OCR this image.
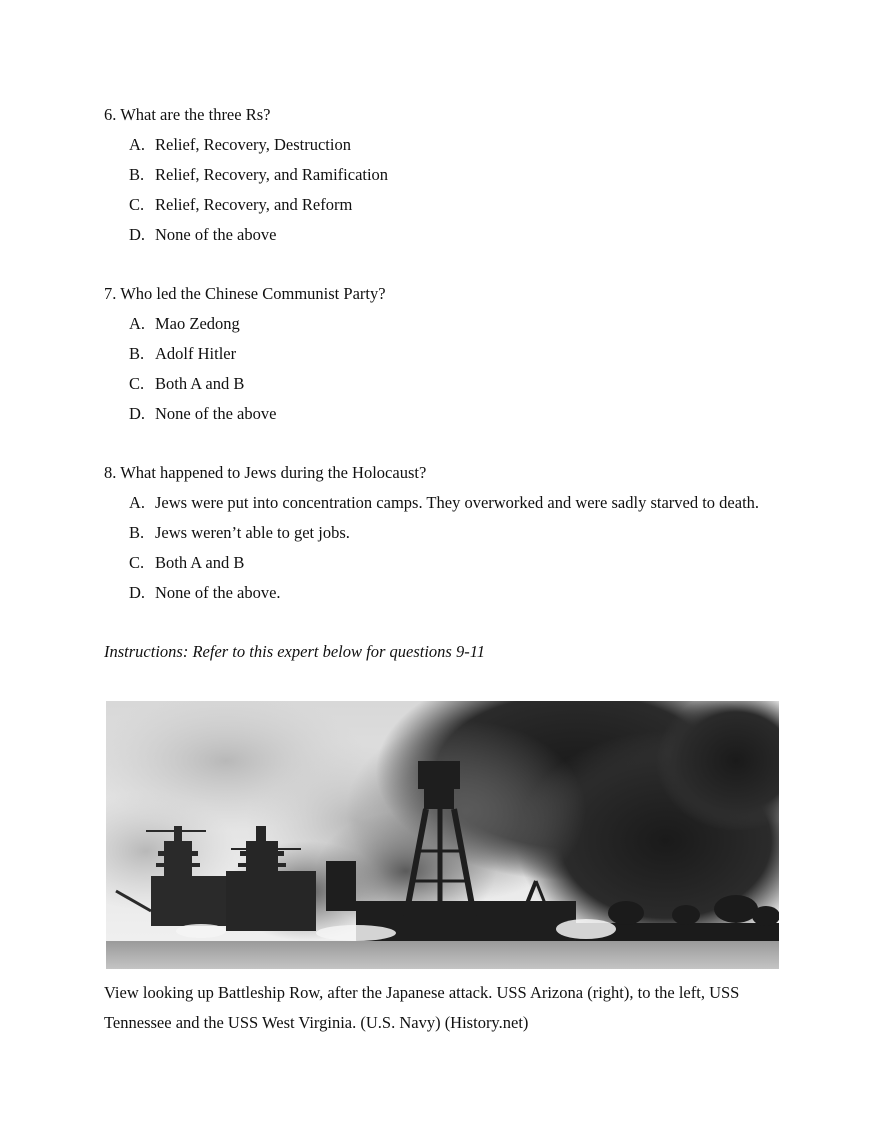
6. What are the three Rs?
A. Relief, Recovery, Destruction
B. Relief, Recovery, and Ramification
C. Relief, Recovery, and Reform
D. None of the above
7. Who led the Chinese Communist Party?
A. Mao Zedong
B. Adolf Hitler
C. Both A and B
D. None of the above
8. What happened to Jews during the Holocaust?
A. Jews were put into concentration camps. They overworked and were sadly starved to death.
B. Jews weren’t able to get jobs.
C. Both A and B
D. None of the above.
Instructions: Refer to this expert below for questions 9-11

View looking up Battleship Row, after the Japanese attack. USS Arizona (right), to the left, USS Tennessee and the USS West Virginia. (U.S. Navy) (History.net)
